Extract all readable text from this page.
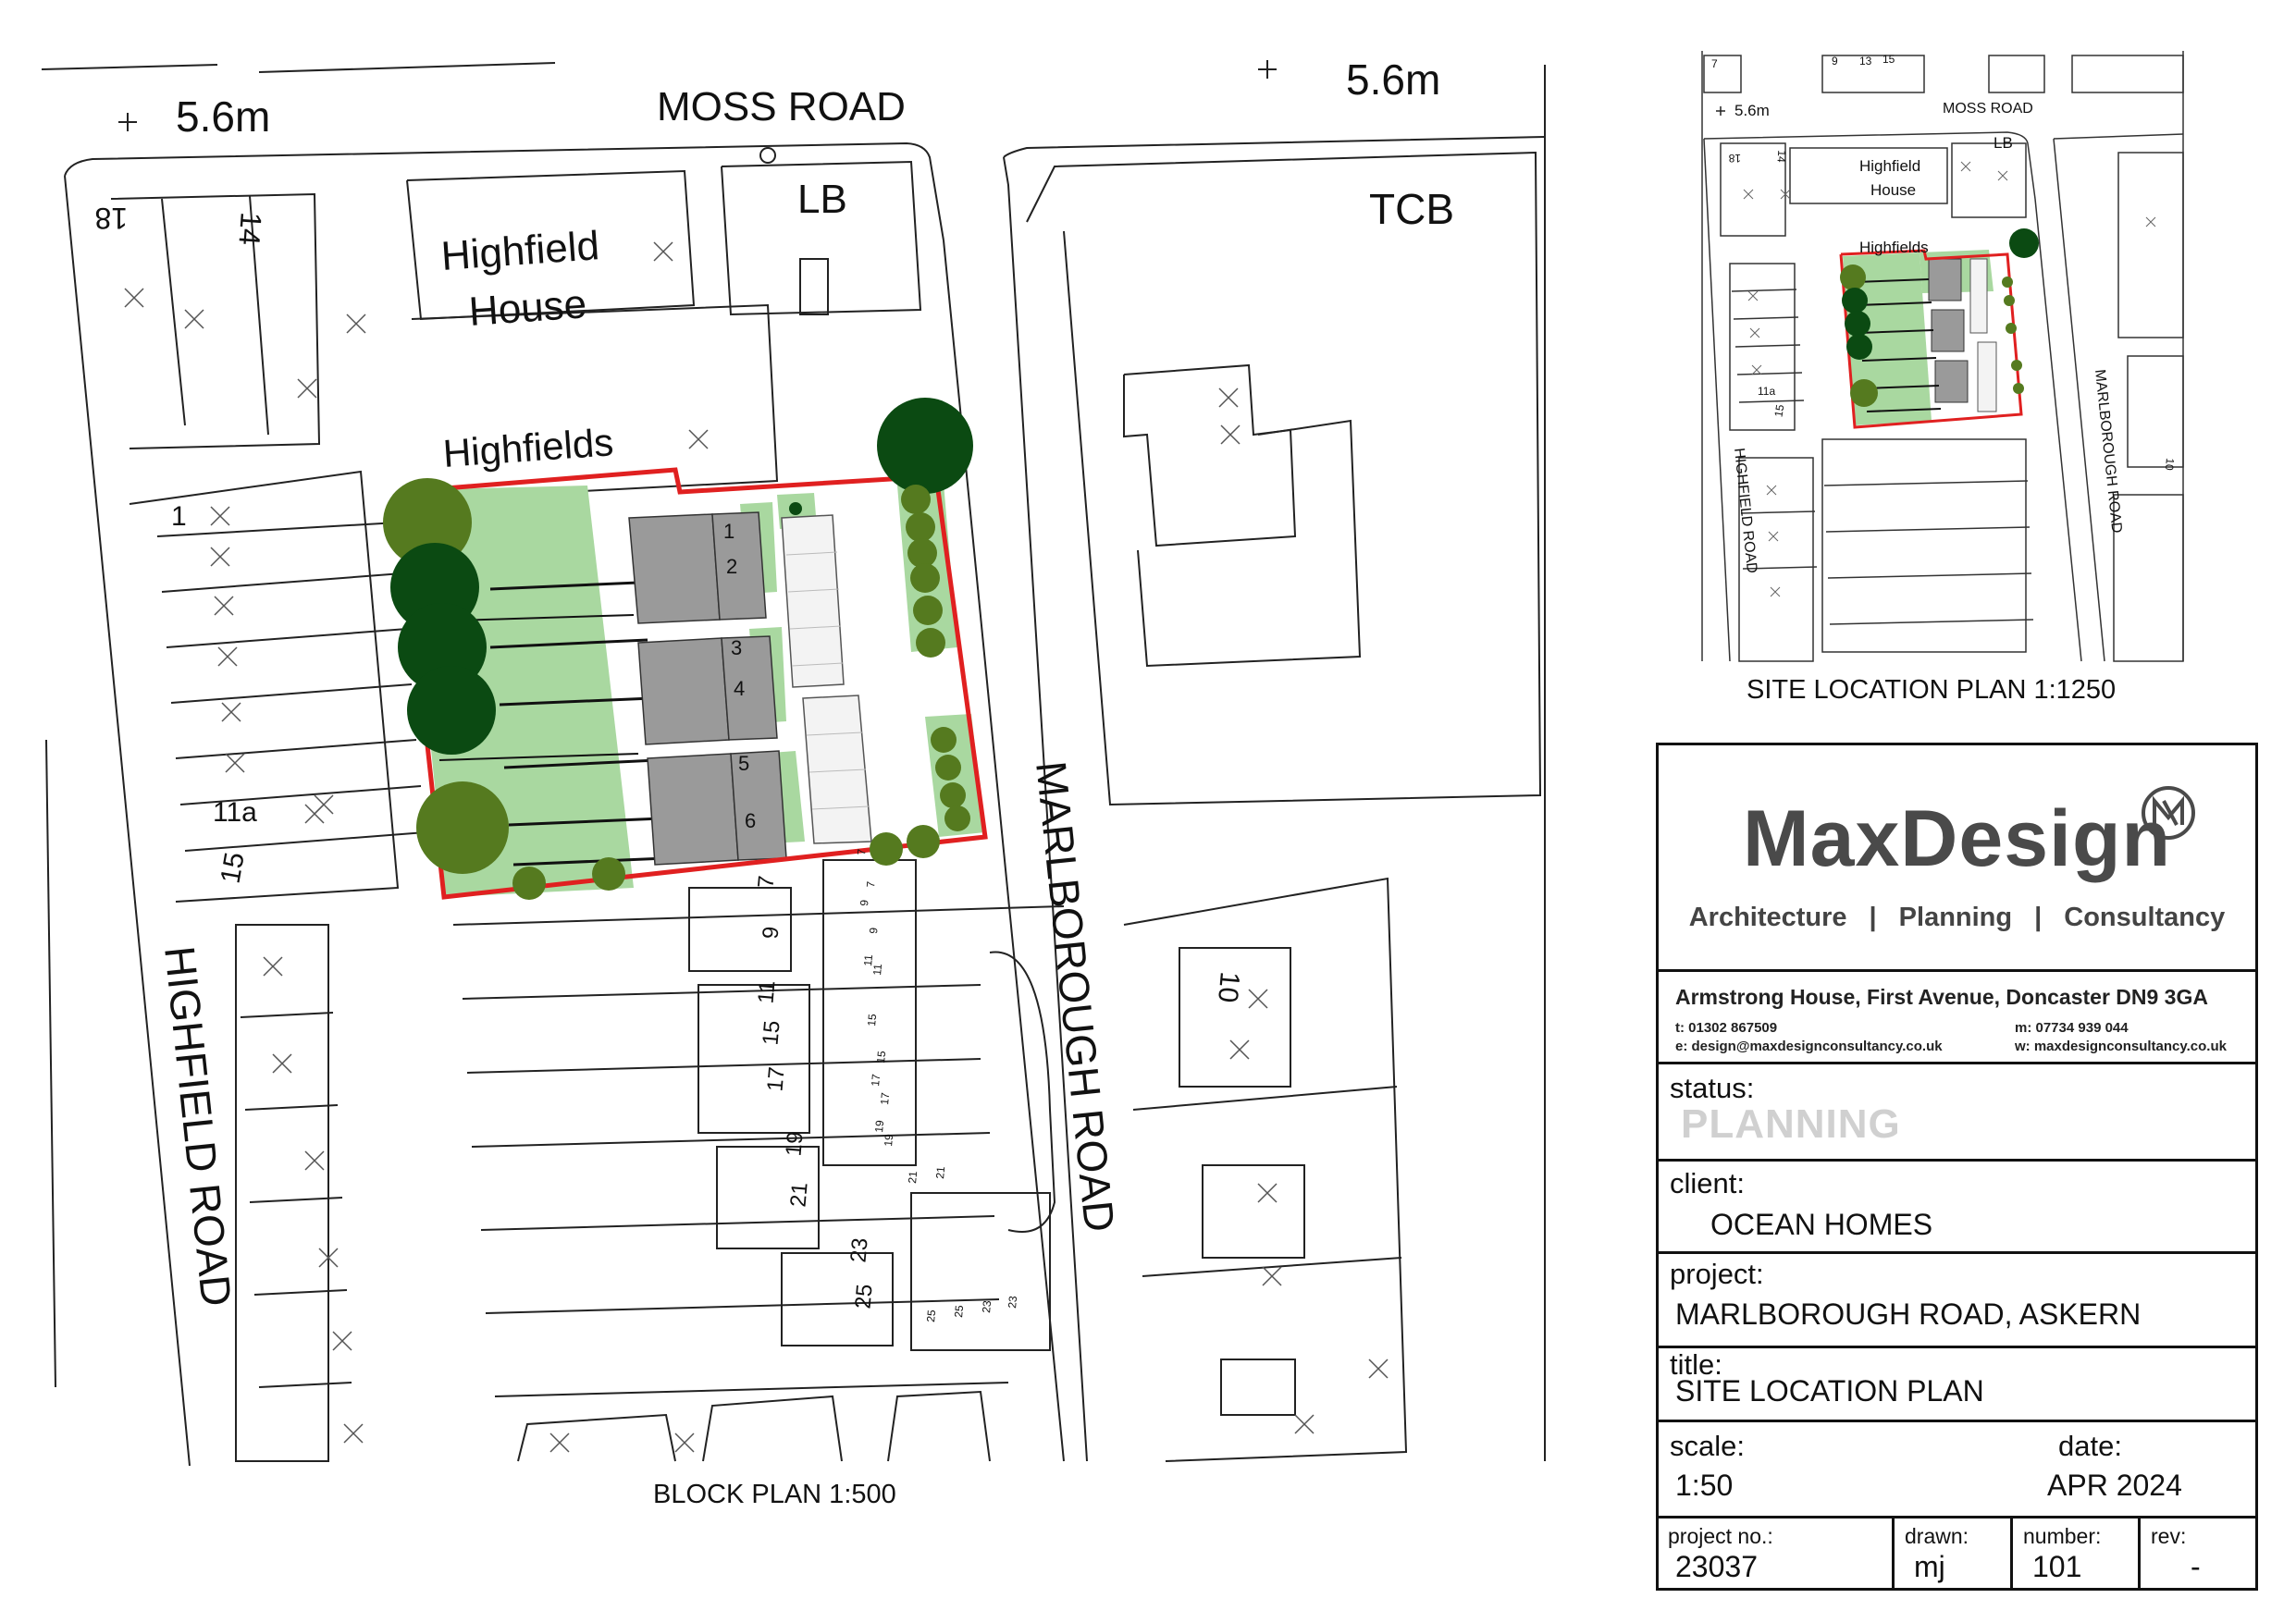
MOSS ROAD
5.6m
5.6m
LB	TCB
Highfield
House
Highfields
MARLBOROUGH ROAD
HIGHFIELD ROAD
18	14
1
11a
15	7
9
11
15
17
19
21
23
25
10
7
7
9
9
11
11
15
15
17
17
19
19
21 21
25 25 23 23
1
2
3
4
5
6
BLOCK PLAN 1:500
MOSS ROAD
5.6m
LB
Highfield
House
Highfields
MARLBOROUGH ROAD
HIGHFIELD ROAD
7	9 13 15
18	14
11a
15
10
SITE LOCATION PLAN 1:1250
MaxDesign
Architecture | Planning | Consultancy
Armstrong House, First Avenue, Doncaster DN9 3GA
t: 01302 867509
e: design@maxdesignconsultancy.co.uk
m: 07734 939 044
w: maxdesignconsultancy.co.uk
status:
PLANNING
client:
OCEAN HOMES
project:
MARLBOROUGH ROAD, ASKERN
title:
SITE LOCATION PLAN
scale:
1:50
date:
APR 2024
project no.:
23037
drawn:
mj
number:
101
rev:
-
